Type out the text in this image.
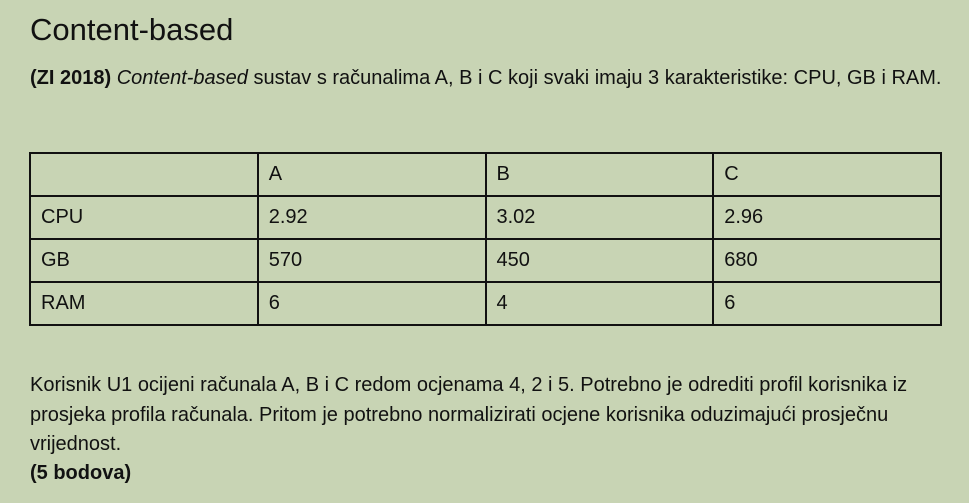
Content-based

(ZI 2018) Content-based sustav s računalima A, B i C koji svaki imaju 3 karakteristike: CPU, GB i RAM.

	A	B	C
CPU	2.92	3.02	2.96
GB	570	450	680
RAM	6	4	6

Korisnik U1 ocijeni računala A, B i C redom ocjenama 4, 2 i 5. Potrebno je odrediti profil korisnika iz prosjeka profila računala. Pritom je potrebno normalizirati ocjene korisnika oduzimajući prosječnu vrijednost.

(5 bodova)
